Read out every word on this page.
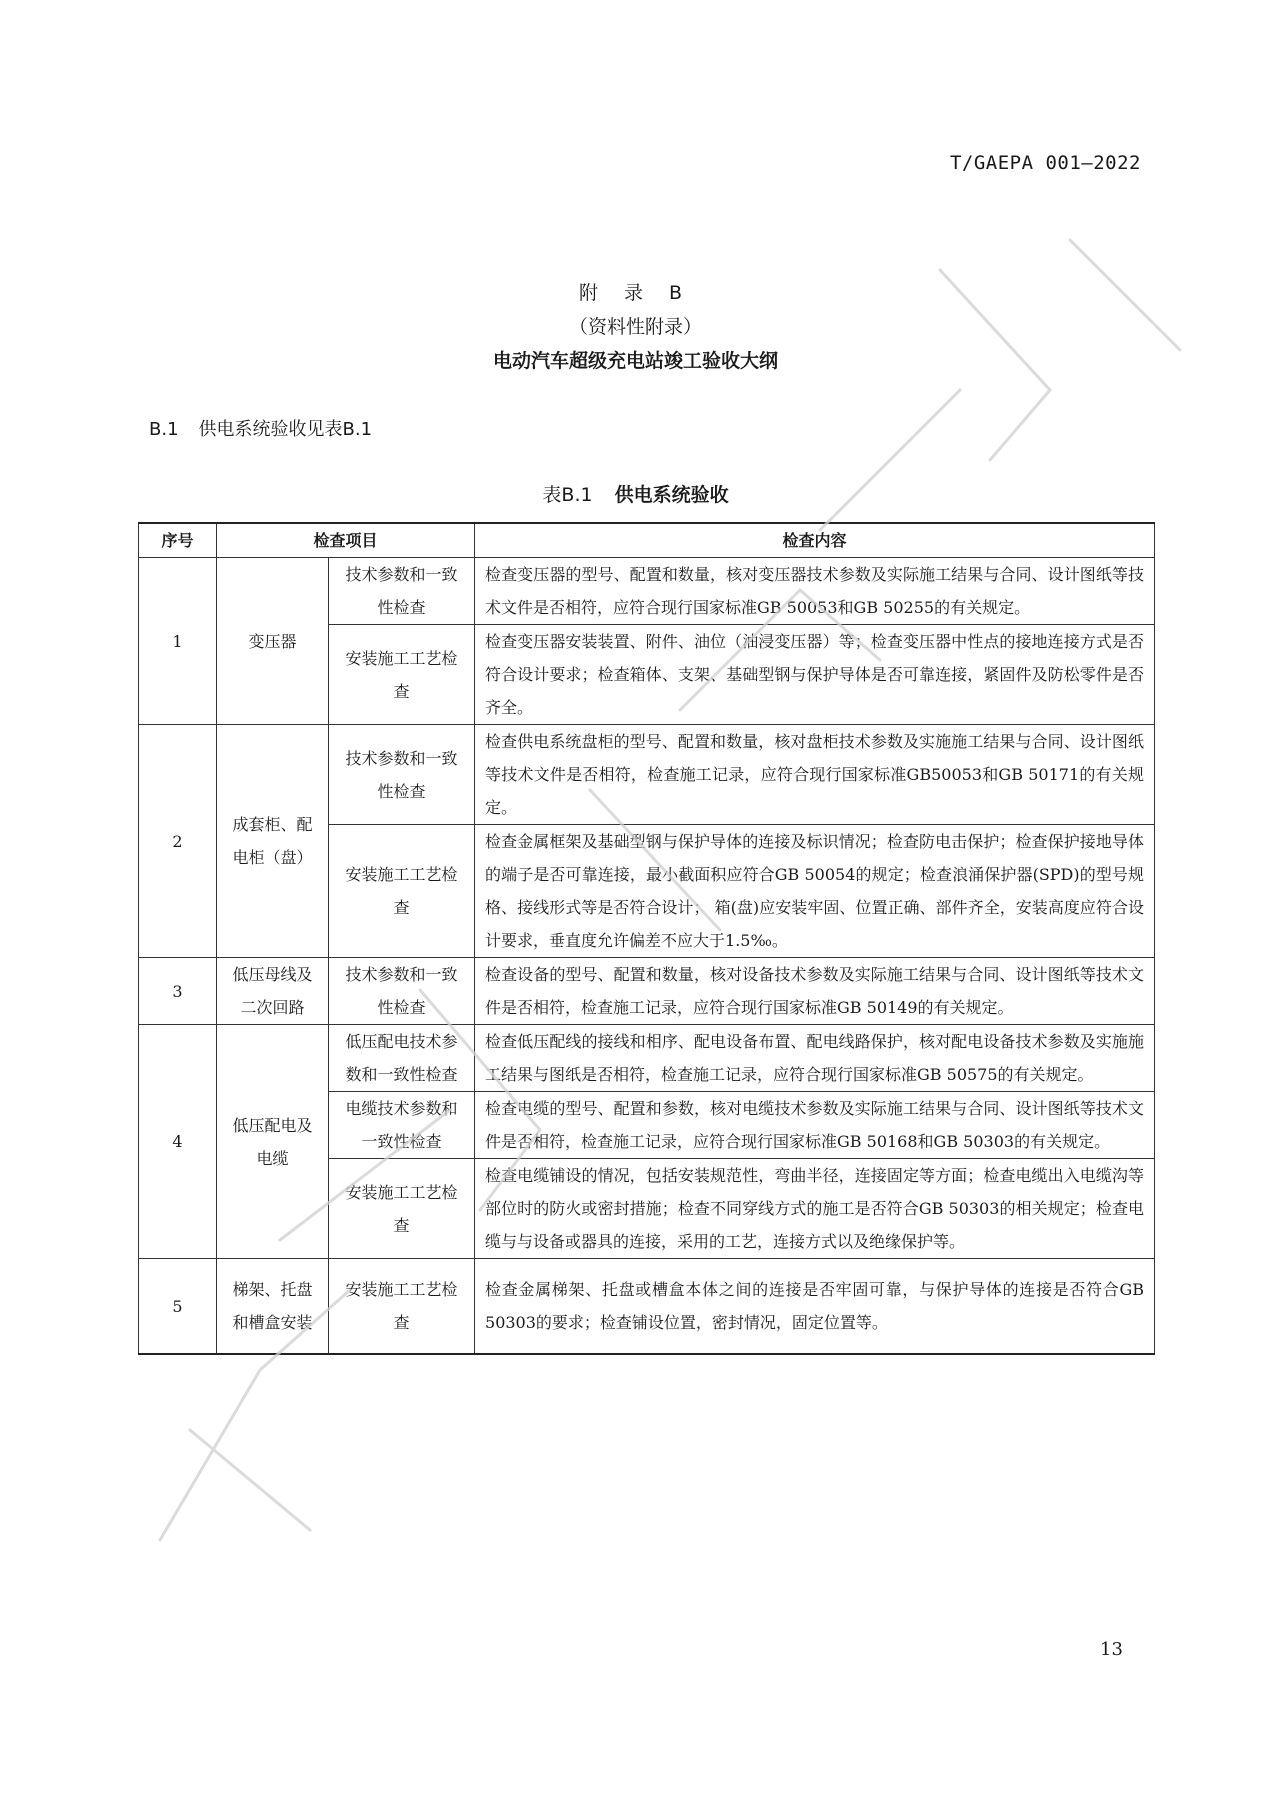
T/GAEPA 001—2022
附 录 B
（资料性附录）
电动汽车超级充电站竣工验收大纲
B.1 供电系统验收见表B.1
表B.1 供电系统验收
序号	检查项目		检查内容
1	变压器	技术参数和一致性检查	检查变压器的型号、配置和数量，核对变压器技术参数及实际施工结果与合同、设计图纸等技术文件是否相符，应符合现行国家标准GB 50053和GB 50255的有关规定。
		安装施工工艺检查	检查变压器安装装置、附件、油位（油浸变压器）等；检查变压器中性点的接地连接方式是否符合设计要求；检查箱体、支架、基础型钢与保护导体是否可靠连接，紧固件及防松零件是否齐全。
2	成套柜、配电柜（盘）	技术参数和一致性检查	检查供电系统盘柜的型号、配置和数量，核对盘柜技术参数及实施施工结果与合同、设计图纸等技术文件是否相符，检查施工记录，应符合现行国家标准GB50053和GB 50171的有关规定。
		安装施工工艺检查	检查金属框架及基础型钢与保护导体的连接及标识情况；检查防电击保护；检查保护接地导体的端子是否可靠连接，最小截面积应符合GB 50054的规定；检查浪涌保护器(SPD)的型号规格、接线形式等是否符合设计； 箱(盘)应安装牢固、位置正确、部件齐全，安装高度应符合设计要求，垂直度允许偏差不应大于1.5‰。
3	低压母线及二次回路	技术参数和一致性检查	检查设备的型号、配置和数量，核对设备技术参数及实际施工结果与合同、设计图纸等技术文件是否相符，检查施工记录，应符合现行国家标准GB 50149的有关规定。
4	低压配电及电缆	低压配电技术参数和一致性检查	检查低压配线的接线和相序、配电设备布置、配电线路保护，核对配电设备技术参数及实施施工结果与图纸是否相符，检查施工记录，应符合现行国家标准GB 50575的有关规定。
		电缆技术参数和一致性检查	检查电缆的型号、配置和参数，核对电缆技术参数及实际施工结果与合同、设计图纸等技术文件是否相符，检查施工记录，应符合现行国家标准GB 50168和GB 50303的有关规定。
		安装施工工艺检查	检查电缆铺设的情况，包括安装规范性，弯曲半径，连接固定等方面；检查电缆出入电缆沟等部位时的防火或密封措施；检查不同穿线方式的施工是否符合GB 50303的相关规定；检查电缆与与设备或器具的连接，采用的工艺，连接方式以及绝缘保护等。
5	梯架、托盘和槽盒安装	安装施工工艺检查	检查金属梯架、托盘或槽盒本体之间的连接是否牢固可靠，与保护导体的连接是否符合GB 50303的要求；检查铺设位置，密封情况，固定位置等。
13
